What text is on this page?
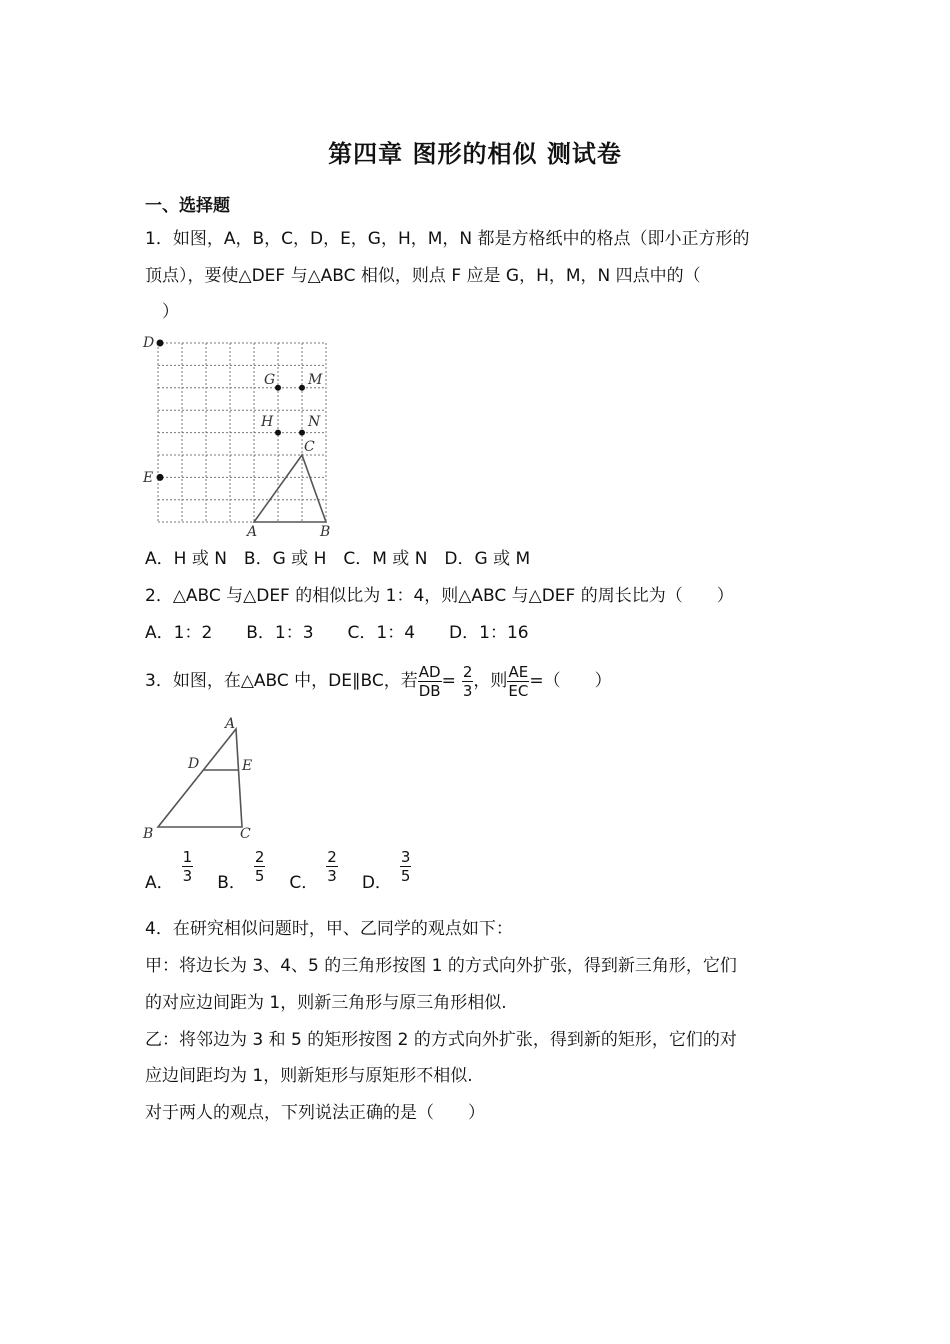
第四章 图形的相似 测试卷
一、选择题
1．如图，A，B，C，D，E，G，H，M，N 都是方格纸中的格点（即小正方形的
顶点），要使△DEF 与△ABC 相似，则点 F 应是 G，H，M，N 四点中的（
　）
D
E
G M
H N
C
A	B
A．H 或 N　B．G 或 H　C．M 或 N　D．G 或 M
2．△ABC 与△DEF 的相似比为 1：4，则△ABC 与△DEF 的周长比为（　　）
A．1：2　　B．1：3　　C．1：4　　D．1：16
3．如图，在△ABC 中，DE∥BC，若 $\frac{AD}{DB} = \frac{2}{3}$ ，则 $\frac{AE}{EC}$ =（　　）
A
D	E
B	C
A． $\frac{1}{3}$ B． $\frac{2}{5}$ C． $\frac{2}{3}$ D． $\frac{3}{5}$
4．在研究相似问题时，甲、乙同学的观点如下：
甲：将边长为 3、4、5 的三角形按图 1 的方式向外扩张，得到新三角形，它们
的对应边间距为 1，则新三角形与原三角形相似.
乙：将邻边为 3 和 5 的矩形按图 2 的方式向外扩张，得到新的矩形，它们的对
应边间距均为 1，则新矩形与原矩形不相似.
对于两人的观点，下列说法正确的是（　　）
